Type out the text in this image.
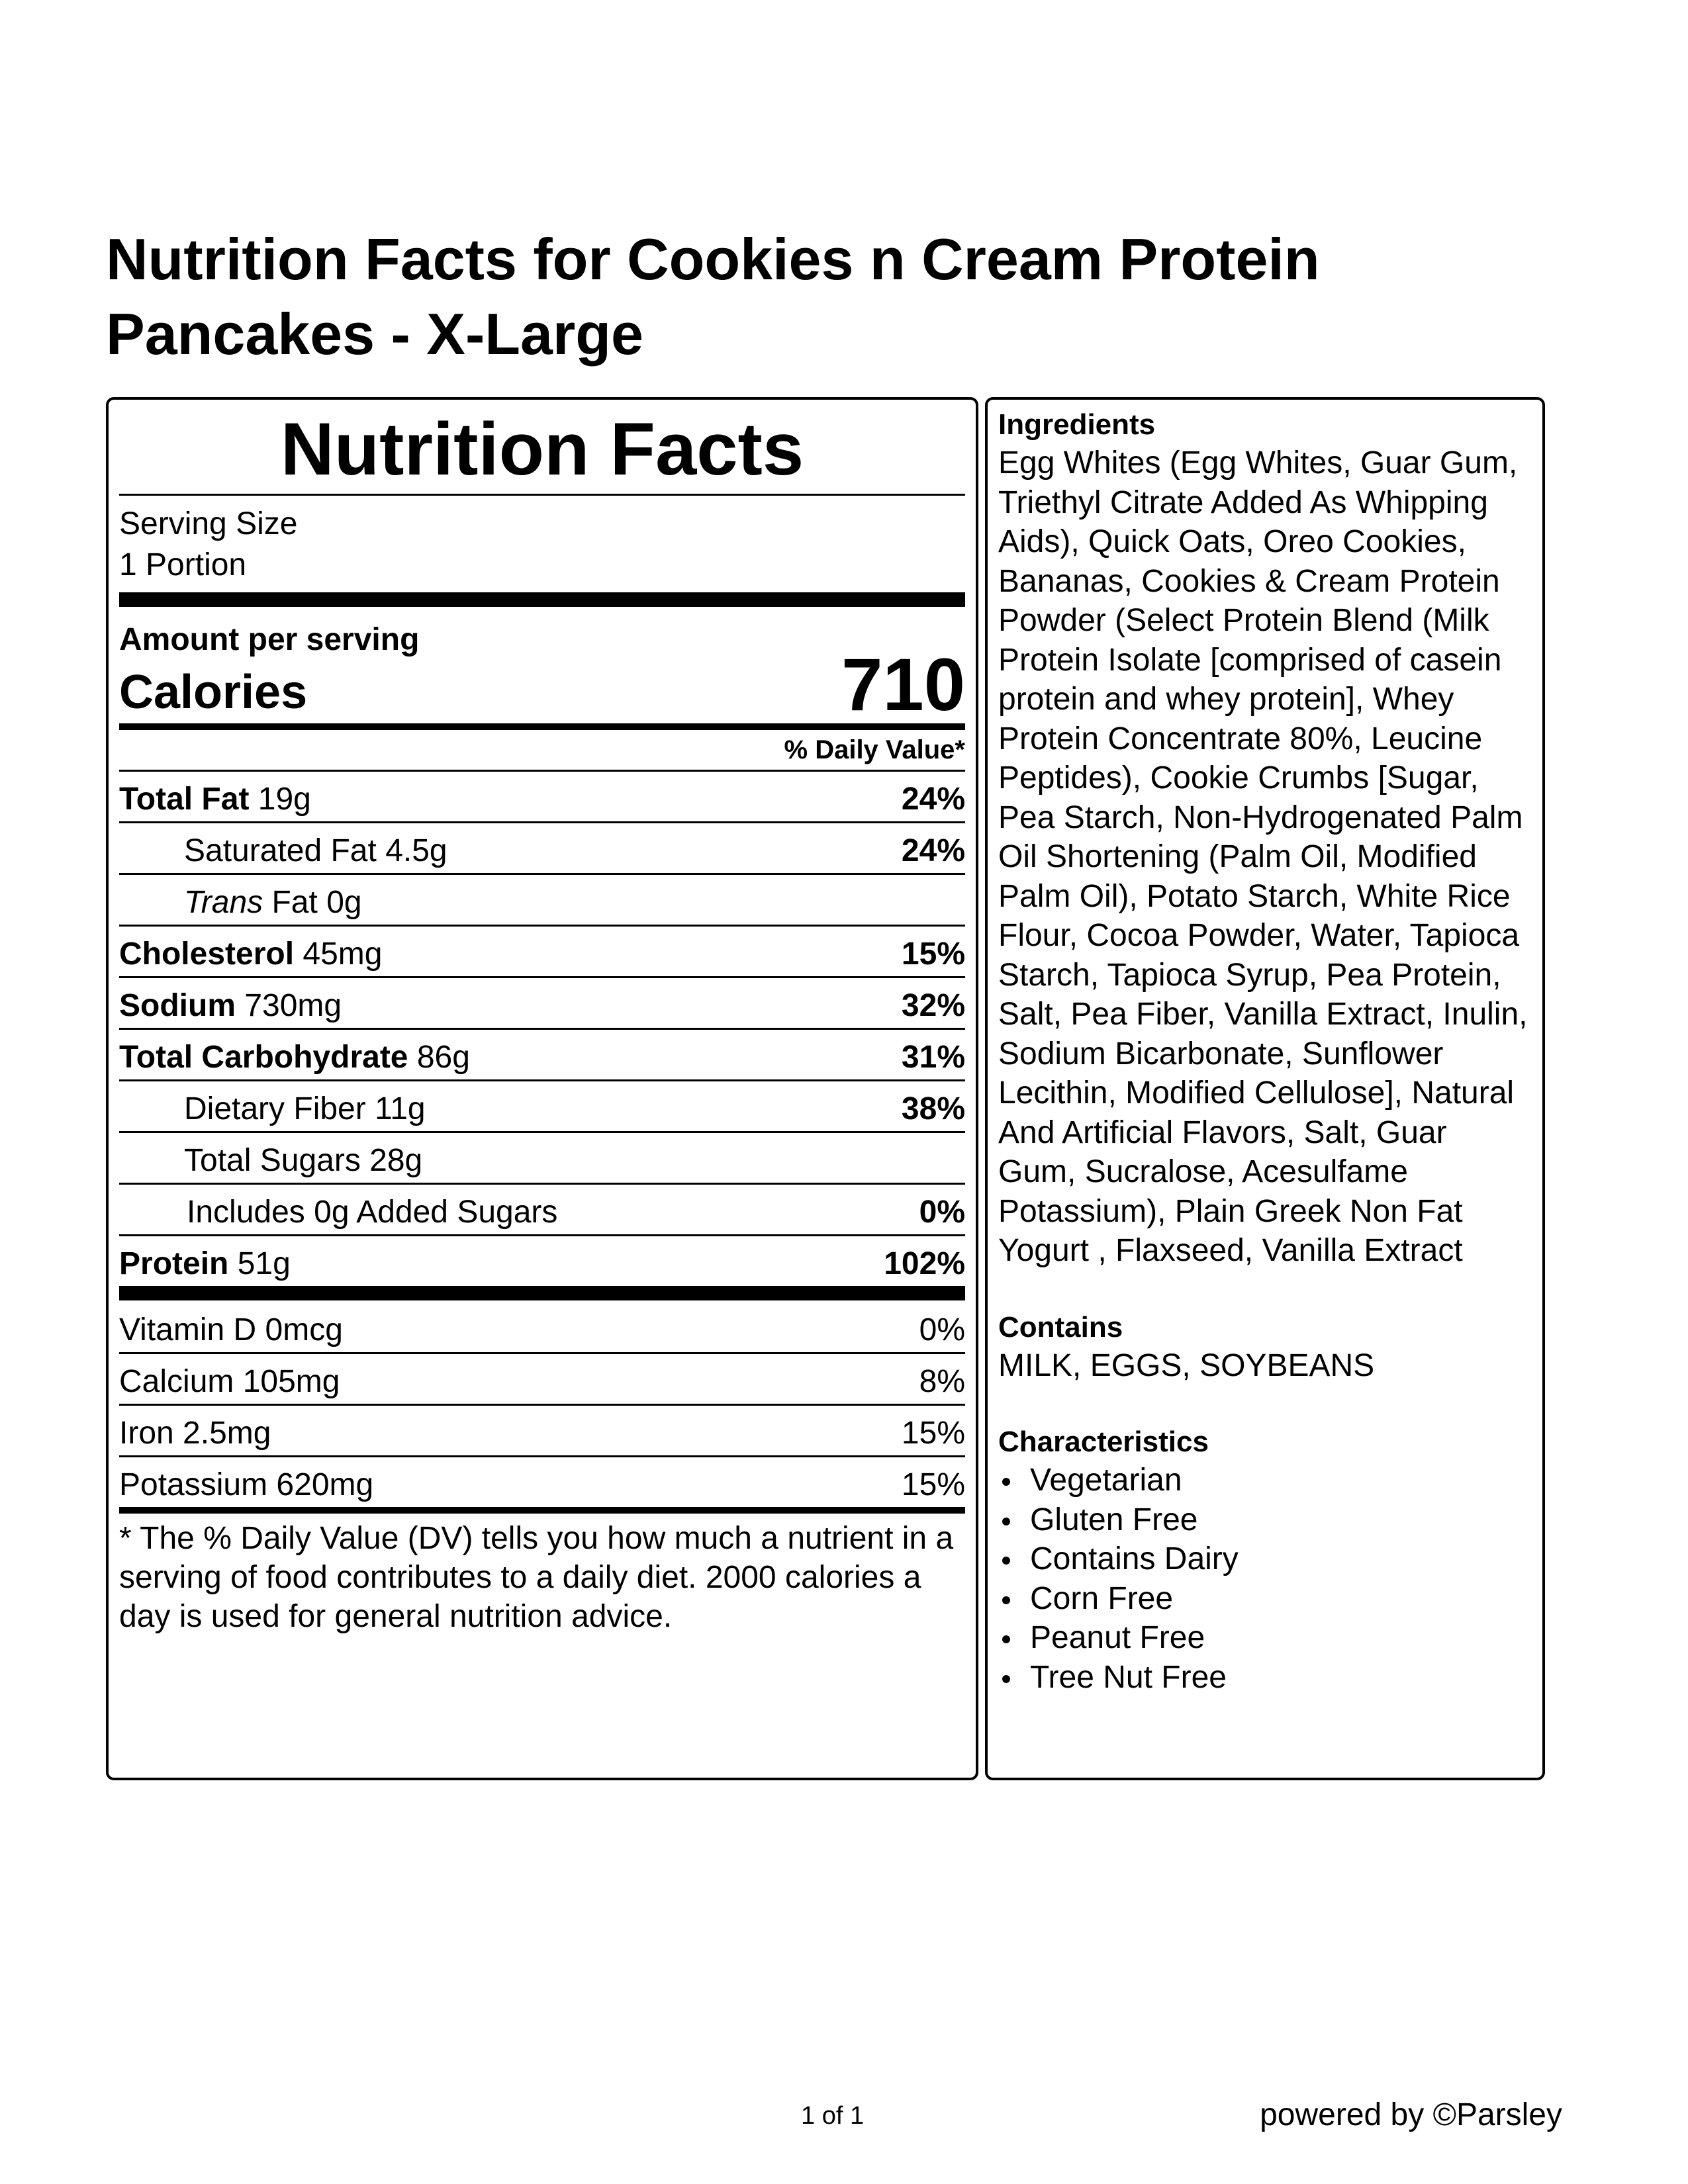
Nutrition Facts for Cookies n Cream Protein Pancakes - X-Large
Nutrition Facts
Serving Size
1 Portion
Amount per serving
Calories	710
% Daily Value*
Total Fat 19g	24%
Saturated Fat 4.5g	24%
Trans Fat 0g
Cholesterol 45mg	15%
Sodium 730mg	32%
Total Carbohydrate 86g	31%
Dietary Fiber 11g	38%
Total Sugars 28g
Includes 0g Added Sugars	0%
Protein 51g	102%
Vitamin D 0mcg	0%
Calcium 105mg	8%
Iron 2.5mg	15%
Potassium 620mg	15%
* The % Daily Value (DV) tells you how much a nutrient in a serving of food contributes to a daily diet. 2000 calories a day is used for general nutrition advice.
Ingredients
Egg Whites (Egg Whites, Guar Gum, Triethyl Citrate Added As Whipping Aids), Quick Oats, Oreo Cookies, Bananas, Cookies & Cream Protein Powder (Select Protein Blend (Milk Protein Isolate [comprised of casein protein and whey protein], Whey Protein Concentrate 80%, Leucine Peptides), Cookie Crumbs [Sugar, Pea Starch, Non-Hydrogenated Palm Oil Shortening (Palm Oil, Modified Palm Oil), Potato Starch, White Rice Flour, Cocoa Powder, Water, Tapioca Starch, Tapioca Syrup, Pea Protein, Salt, Pea Fiber, Vanilla Extract, Inulin, Sodium Bicarbonate, Sunflower Lecithin, Modified Cellulose], Natural And Artificial Flavors, Salt, Guar Gum, Sucralose, Acesulfame Potassium), Plain Greek Non Fat Yogurt , Flaxseed, Vanilla Extract
Contains
MILK, EGGS, SOYBEANS
Characteristics
Vegetarian
Gluten Free
Contains Dairy
Corn Free
Peanut Free
Tree Nut Free
1 of 1	powered by ©Parsley
